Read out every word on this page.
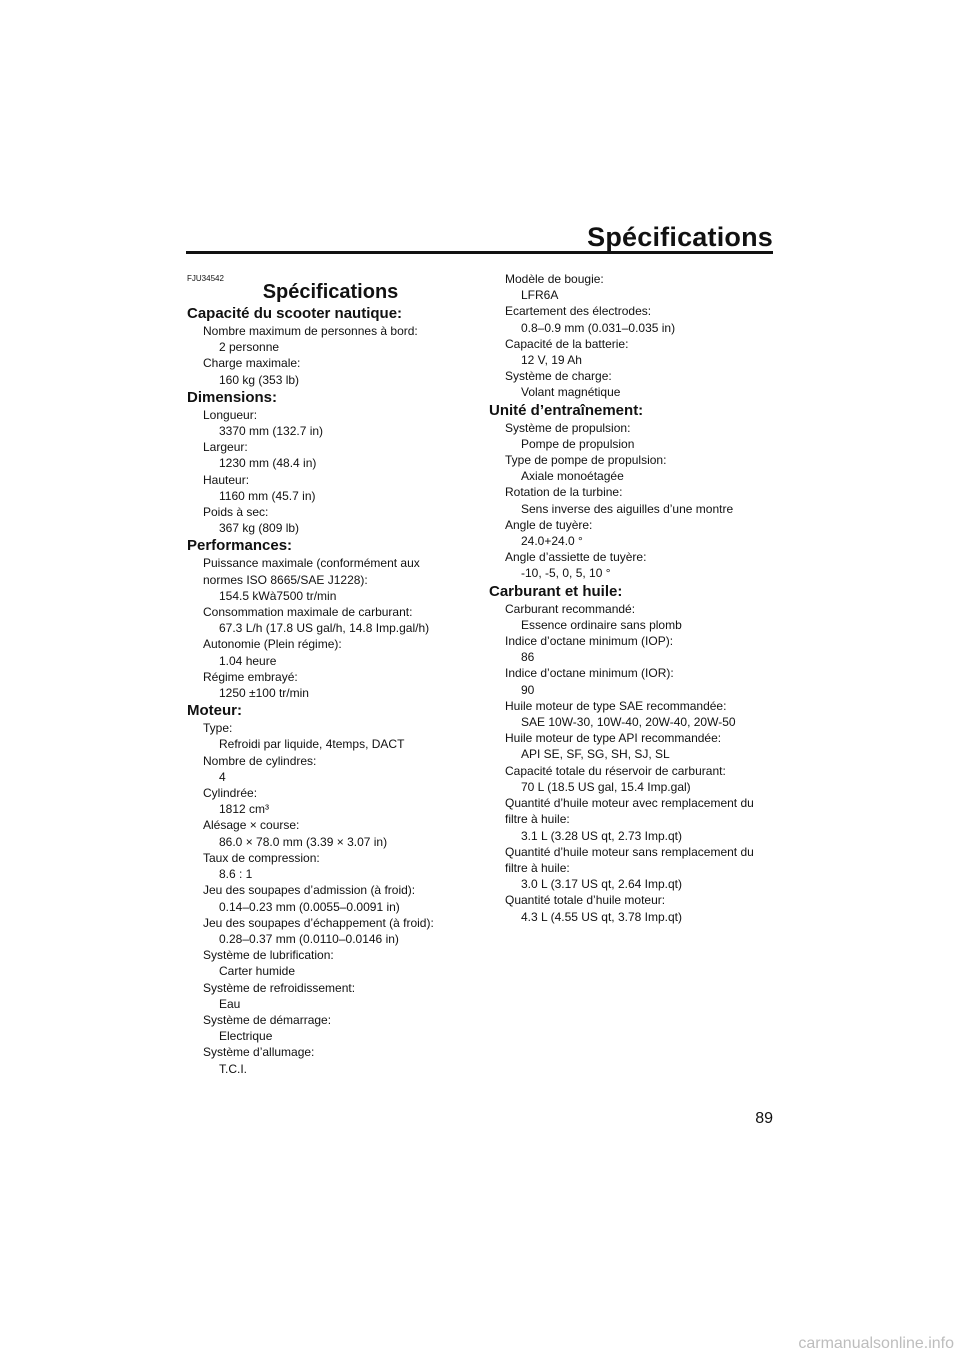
Spécifications

FJU34542

Spécifications
Capacité du scooter nautique:
Nombre maximum de personnes à bord:
2 personne
Charge maximale:
160 kg (353 lb)
Dimensions:
Longueur:
3370 mm (132.7 in)
Largeur:
1230 mm (48.4 in)
Hauteur:
1160 mm (45.7 in)
Poids à sec:
367 kg (809 lb)
Performances:
Puissance maximale (conformément aux
normes ISO 8665/SAE J1228):
154.5 kWà7500 tr/min
Consommation maximale de carburant:
67.3 L/h (17.8 US gal/h, 14.8 Imp.gal/h)
Autonomie (Plein régime):
1.04 heure
Régime embrayé:
1250 ±100 tr/min
Moteur:
Type:
Refroidi par liquide, 4temps, DACT
Nombre de cylindres:
4
Cylindrée:
1812 cm³
Alésage × course:
86.0 × 78.0 mm (3.39 × 3.07 in)
Taux de compression:
8.6 : 1
Jeu des soupapes d’admission (à froid):
0.14–0.23 mm (0.0055–0.0091 in)
Jeu des soupapes d’échappement (à froid):
0.28–0.37 mm (0.0110–0.0146 in)
Système de lubrification:
Carter humide
Système de refroidissement:
Eau
Système de démarrage:
Electrique
Système d’allumage:
T.C.I.
Modèle de bougie:
LFR6A
Ecartement des électrodes:
0.8–0.9 mm (0.031–0.035 in)
Capacité de la batterie:
12 V, 19 Ah
Système de charge:
Volant magnétique
Unité d’entraînement:
Système de propulsion:
Pompe de propulsion
Type de pompe de propulsion:
Axiale monoétagée
Rotation de la turbine:
Sens inverse des aiguilles d’une montre
Angle de tuyère:
24.0+24.0 °
Angle d’assiette de tuyère:
-10, -5, 0, 5, 10 °
Carburant et huile:
Carburant recommandé:
Essence ordinaire sans plomb
Indice d’octane minimum (IOP):
86
Indice d’octane minimum (IOR):
90
Huile moteur de type SAE recommandée:
SAE 10W-30, 10W-40, 20W-40, 20W-50
Huile moteur de type API recommandée:
API SE, SF, SG, SH, SJ, SL
Capacité totale du réservoir de carburant:
70 L (18.5 US gal, 15.4 Imp.gal)
Quantité d’huile moteur avec remplacement du
filtre à huile:
3.1 L (3.28 US qt, 2.73 Imp.qt)
Quantité d’huile moteur sans remplacement du
filtre à huile:
3.0 L (3.17 US qt, 2.64 Imp.qt)
Quantité totale d’huile moteur:
4.3 L (4.55 US qt, 3.78 Imp.qt)

89

carmanualsonline.info
